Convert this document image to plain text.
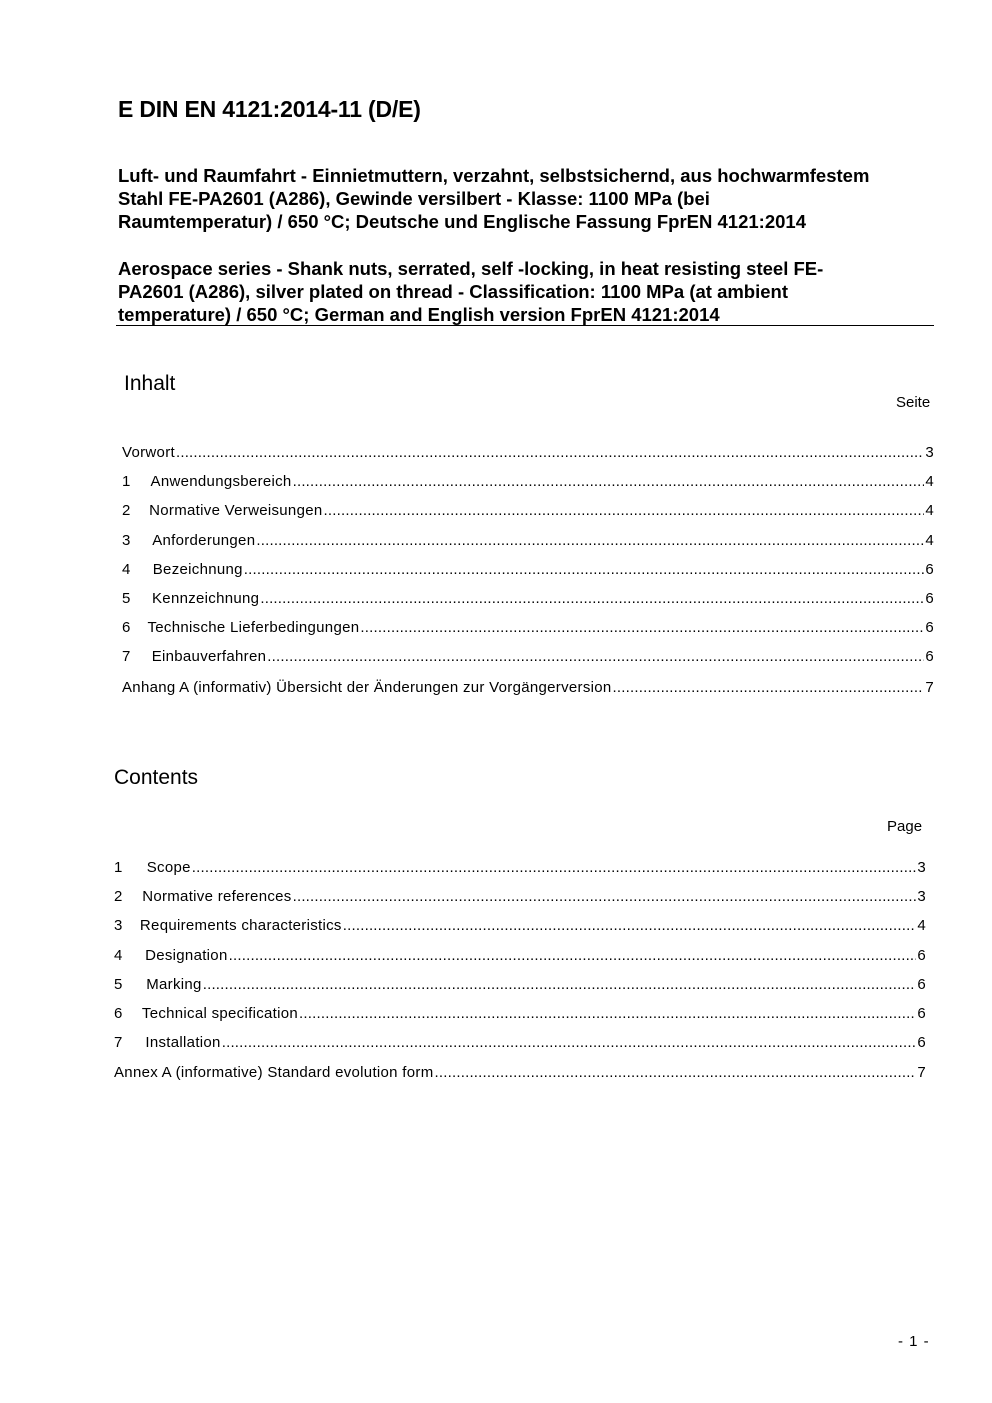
E DIN EN 4121:2014-11 (D/E)
Luft- und Raumfahrt - Einnietmuttern, verzahnt, selbstsichernd, aus hochwarmfestem
Stahl FE-PA2601 (A286), Gewinde versilbert - Klasse: 1100 MPa (bei
Raumtemperatur) / 650 °C; Deutsche und Englische Fassung FprEN 4121:2014
Aerospace series - Shank nuts, serrated, self -locking, in heat resisting steel FE-
PA2601 (A286), silver plated on thread - Classification: 1100 MPa (at ambient
temperature) / 650 °C; German and English version FprEN 4121:2014
Inhalt
Seite
Vorwort .....	3
1	Anwendungsbereich .....	4
2	Normative Verweisungen .....	4
3	Anforderungen .....	4
4	Bezeichnung .....	6
5	Kennzeichnung .....	6
6	Technische Lieferbedingungen .....	6
7	Einbauverfahren .....	6
Anhang A (informativ) Übersicht der Änderungen zur Vorgängerversion .....	7
Contents
Page
1	Scope .....	3
2	Normative references .....	3
3	Requirements characteristics .....	4
4	Designation .....	6
5	Marking .....	6
6	Technical specification .....	6
7	Installation .....	6
Annex A (informative) Standard evolution form .....	7
- 1 -
